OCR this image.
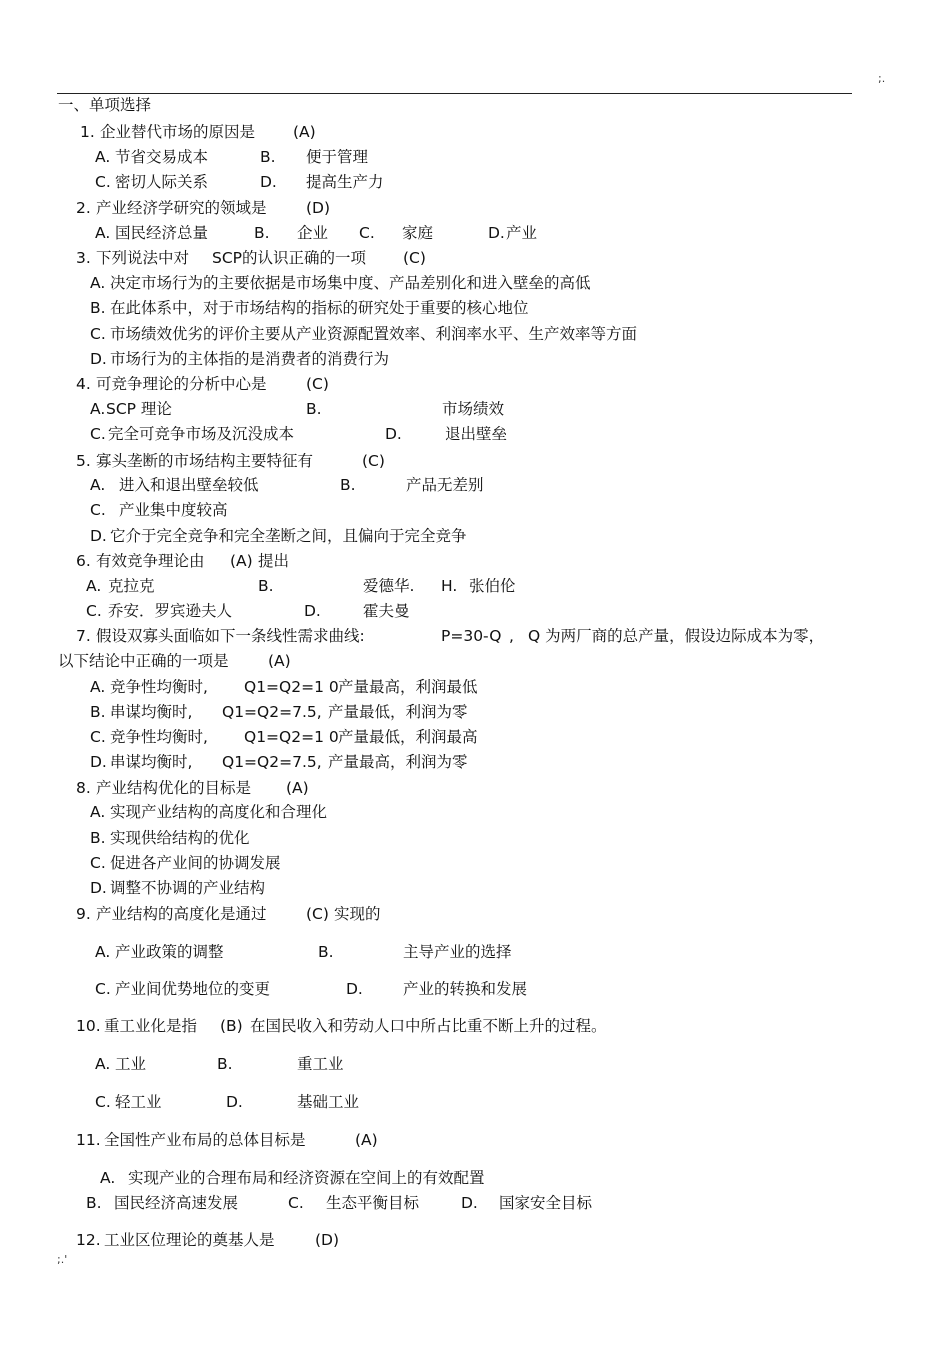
;.
一、单项选择
1. 企业替代市场的原因是 (A)
A. 节省交易成本	B. 便于管理
C. 密切人际关系	D. 提高生产力
2. 产业经济学研究的领域是	(D)
A. 国民经济总量	B. 企业 C. 家庭	D. 产业
3. 下列说法中对 SCP的认识正确的一项 (C)
A. 决定市场行为的主要依据是市场集中度、产品差别化和进入壁垒的高低
B. 在此体系中，对于市场结构的指标的研究处于重要的核心地位
C. 市场绩效优劣的评价主要从产业资源配置效率、利润率水平、生产效率等方面
D. 市场行为的主体指的是消费者的消费行为
4. 可竞争理论的分析中心是	(C)
A. SCP 理论	B.	市场绩效
C. 完全可竞争市场及沉没成本	D.	退出壁垒
5. 寡头垄断的市场结构主要特征有	(C)
A. 进入和退出壁垒较低	B.	产品无差别
C. 产业集中度较高
D. 它介于完全竞争和完全垄断之间，且偏向于完全竞争
6. 有效竞争理论由 (A) 提出
A. 克拉克	B.	爱德华. H. 张伯伦
C. 乔安．罗宾逊夫人	D.	霍夫曼
7. 假设双寡头面临如下一条线性需求曲线:	P=30-Q , Q 为两厂商的总产量，假设边际成本为零，
以下结论中正确的一项是	(A)
A. 竞争性均衡时, Q1=Q2=1 0 产量最高，利润最低
B. 串谋均衡时, Q1=Q2=7.5, 产量最低，利润为零
C. 竞争性均衡时, Q1=Q2=1 0 产量最低，利润最高
D. 串谋均衡时, Q1=Q2=7.5, 产量最高，利润为零
8. 产业结构优化的目标是 (A)
A. 实现产业结构的高度化和合理化
B. 实现供给结构的优化
C. 促进各产业间的协调发展
D. 调整不协调的产业结构
9. 产业结构的高度化是通过	(C) 实现的
A. 产业政策的调整	B.	主导产业的选择
C. 产业间优势地位的变更	D.	产业的转换和发展
10. 重工业化是指 (B) 在国民收入和劳动人口中所占比重不断上升的过程。
A. 工业	B.	重工业
C. 轻工业	D.	基础工业
11. 全国性产业布局的总体目标是	(A)
A. 实现产业的合理布局和经济资源在空间上的有效配置
B. 国民经济高速发展	C. 生态平衡目标	D. 国家安全目标
12. 工业区位理论的奠基人是	(D)
;.'
